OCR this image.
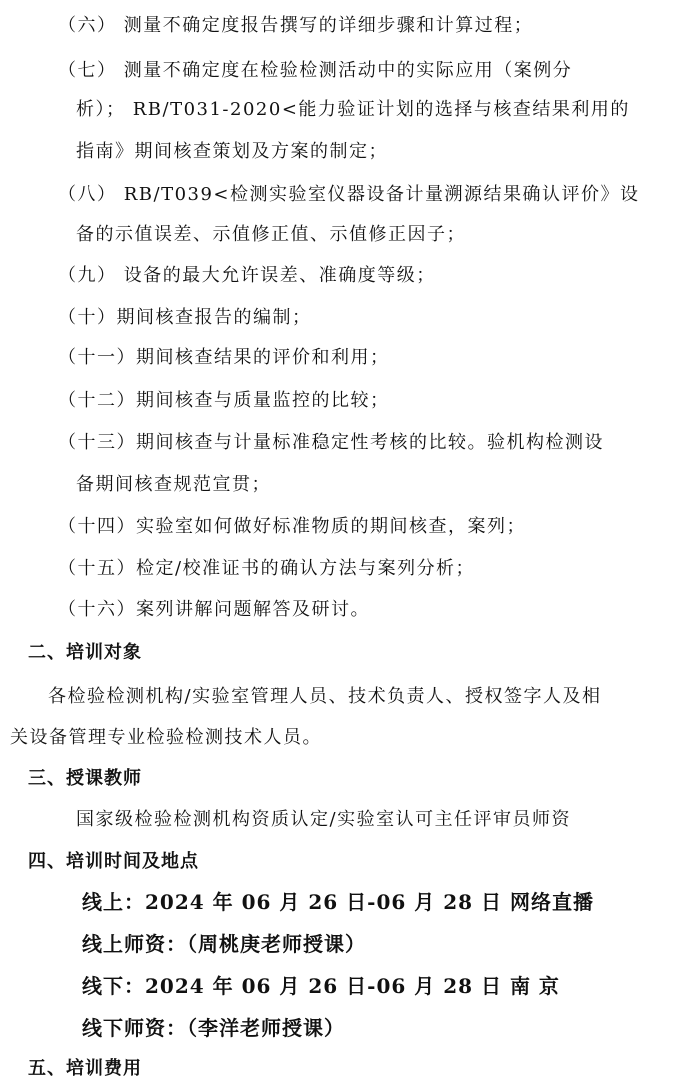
（六） 测量不确定度报告撰写的详细步骤和计算过程；
（七） 测量不确定度在检验检测活动中的实际应用（案例分
析）； RB/T031-2020<能力验证计划的选择与核查结果利用的
指南》期间核查策划及方案的制定；
（八） RB/T039<检测实验室仪器设备计量溯源结果确认评价》设
备的示值误差、示值修正值、示值修正因子；
（九） 设备的最大允许误差、准确度等级；
（十）期间核查报告的编制；
（十一）期间核查结果的评价和利用；
（十二）期间核查与质量监控的比较；
（十三）期间核查与计量标准稳定性考核的比较。验机构检测设
备期间核查规范宣贯；
（十四）实验室如何做好标准物质的期间核查，案列；
（十五）检定/校准证书的确认方法与案列分析；
（十六）案列讲解问题解答及研讨。
二、培训对象
各检验检测机构/实验室管理人员、技术负责人、授权签字人及相
关设备管理专业检验检测技术人员。
三、授课教师
国家级检验检测机构资质认定/实验室认可主任评审员师资
四、培训时间及地点
线上：2024 年 06 月 26 日-06 月 28 日 网络直播
线上师资：（周桃庚老师授课）
线下：2024 年 06 月 26 日-06 月 28 日 南 京
线下师资：（李洋老师授课）
五、培训费用
